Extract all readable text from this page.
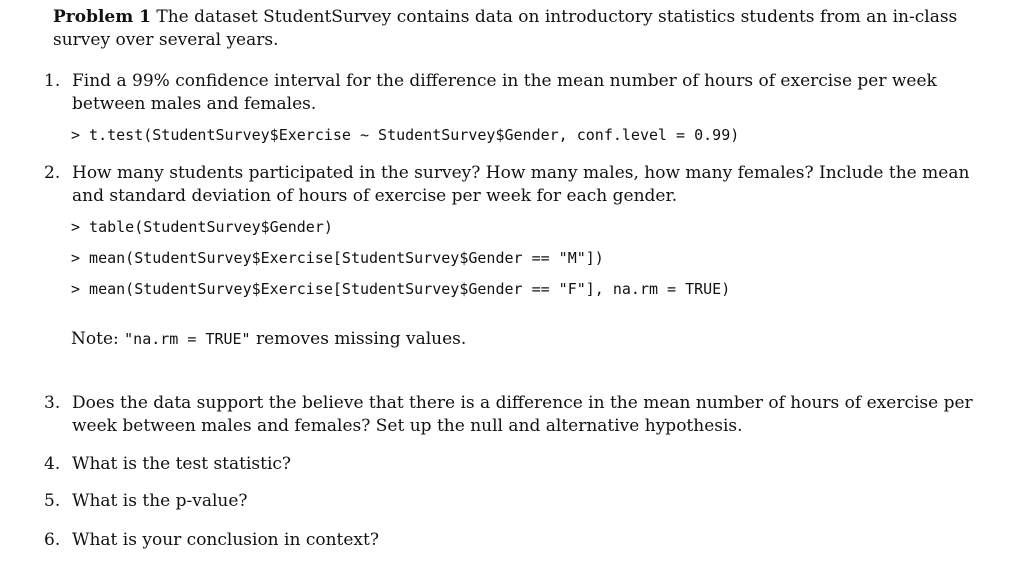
Problem 1 The dataset StudentSurvey contains data on introductory statistics students from an in-class survey over several years.
1. Find a 99% confidence interval for the difference in the mean number of hours of exercise per week between males and females.
> t.test(StudentSurvey$Exercise ~ StudentSurvey$Gender, conf.level = 0.99)
2. How many students participated in the survey? How many males, how many females? Include the mean and standard deviation of hours of exercise per week for each gender.
> table(StudentSurvey$Gender)
> mean(StudentSurvey$Exercise[StudentSurvey$Gender == "M"])
> mean(StudentSurvey$Exercise[StudentSurvey$Gender == "F"], na.rm = TRUE)
Note: "na.rm = TRUE" removes missing values.
3. Does the data support the believe that there is a difference in the mean number of hours of exercise per week between males and females? Set up the null and alternative hypothesis.
4. What is the test statistic?
5. What is the p-value?
6. What is your conclusion in context?
